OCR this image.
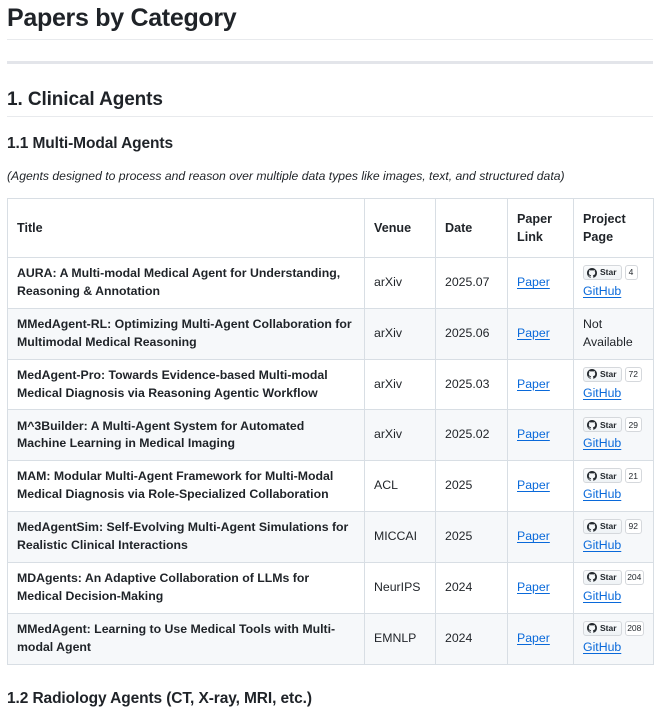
Papers by Category
1. Clinical Agents
1.1 Multi-Modal Agents
(Agents designed to process and reason over multiple data types like images, text, and structured data)
Title	Venue	Date	Paper Link	Project Page
AURA: A Multi-modal Medical Agent for Understanding, Reasoning & Annotation	arXiv	2025.07	Paper	Star 4
GitHub
MMedAgent-RL: Optimizing Multi-Agent Collaboration for Multimodal Medical Reasoning	arXiv	2025.06	Paper	Not Available

MedAgent-Pro: Towards Evidence-based Multi-modal Medical Diagnosis via Reasoning Agentic Workflow	arXiv	2025.03	Paper	Star 72
GitHub
M^3Builder: A Multi-Agent System for Automated Machine Learning in Medical Imaging	arXiv	2025.02	Paper	Star 29
GitHub
MAM: Modular Multi-Agent Framework for Multi-Modal Medical Diagnosis via Role-Specialized Collaboration	ACL	2025	Paper	Star 21
GitHub
MedAgentSim: Self-Evolving Multi-Agent Simulations for Realistic Clinical Interactions	MICCAI	2025	Paper	Star 92
GitHub
MDAgents: An Adaptive Collaboration of LLMs for Medical Decision-Making	NeurIPS	2024	Paper	Star 204
GitHub
MMedAgent: Learning to Use Medical Tools with Multi-modal Agent	EMNLP	2024	Paper	Star 208
GitHub
1.2 Radiology Agents (CT, X-ray, MRI, etc.)
